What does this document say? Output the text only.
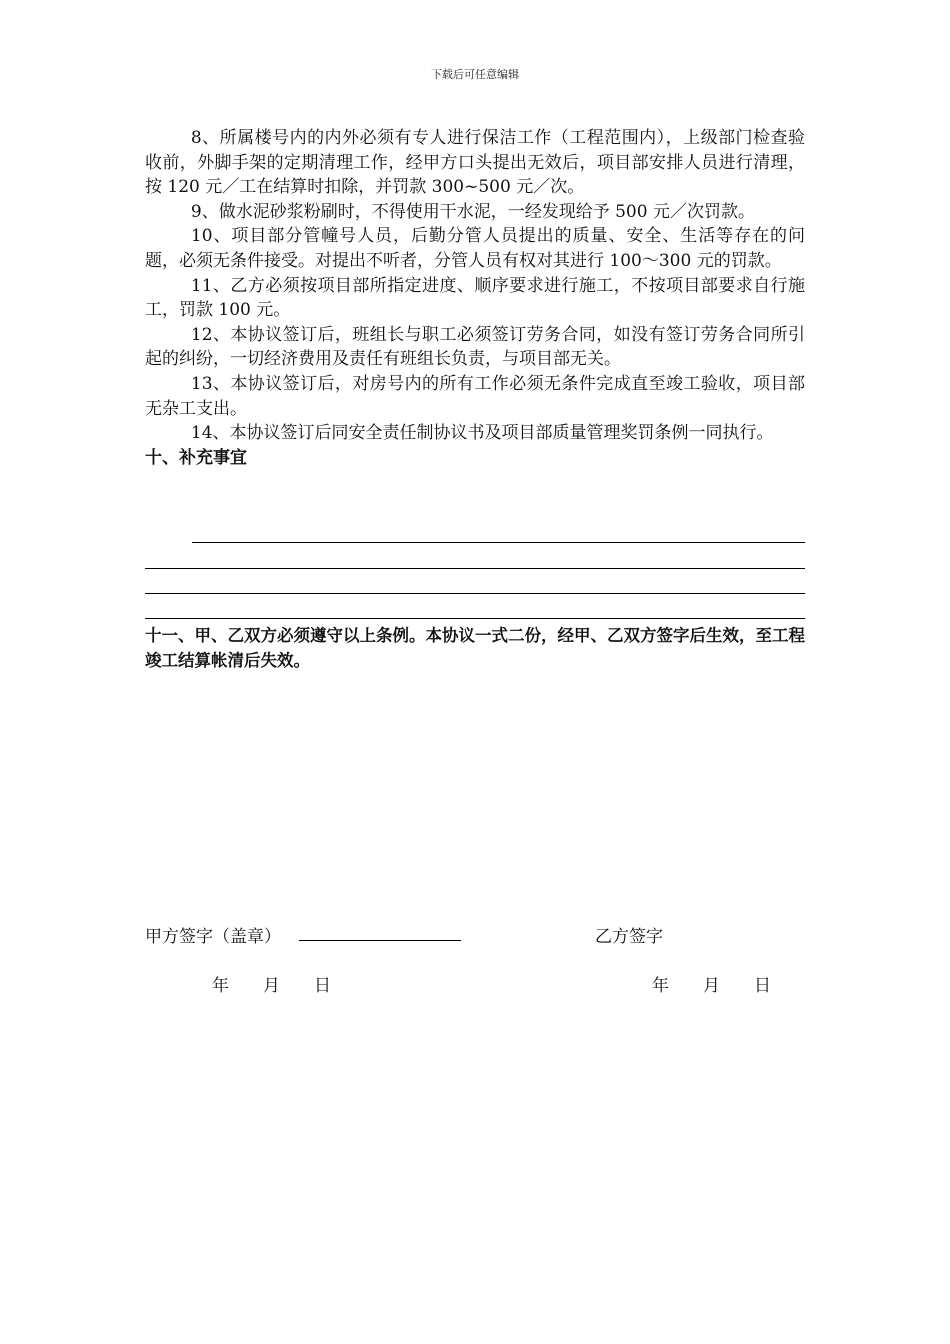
下载后可任意编辑

8、所属楼号内的内外必须有专人进行保洁工作（工程范围内），上级部门检查验收前，外脚手架的定期清理工作，经甲方口头提出无效后，项目部安排人员进行清理，按 120 元／工在结算时扣除，并罚款 300~500 元／次。

9、做水泥砂浆粉刷时，不得使用干水泥，一经发现给予 500 元／次罚款。

10、项目部分管幢号人员，后勤分管人员提出的质量、安全、生活等存在的问题，必须无条件接受。对提出不听者，分管人员有权对其进行 100～300 元的罚款。

11、乙方必须按项目部所指定进度、顺序要求进行施工，不按项目部要求自行施工，罚款 100 元。

12、本协议签订后，班组长与职工必须签订劳务合同，如没有签订劳务合同所引起的纠纷，一切经济费用及责任有班组长负责，与项目部无关。

13、本协议签订后，对房号内的所有工作必须无条件完成直至竣工验收，项目部无杂工支出。

14、本协议签订后同安全责任制协议书及项目部质量管理奖罚条例一同执行。

十、补充事宜

十一、甲、乙双方必须遵守以上条例。本协议一式二份，经甲、乙双方签字后生效，至工程竣工结算帐清后失效。
甲方签字（盖章）	乙方签字
年　　月　　日	年　　月　　日
